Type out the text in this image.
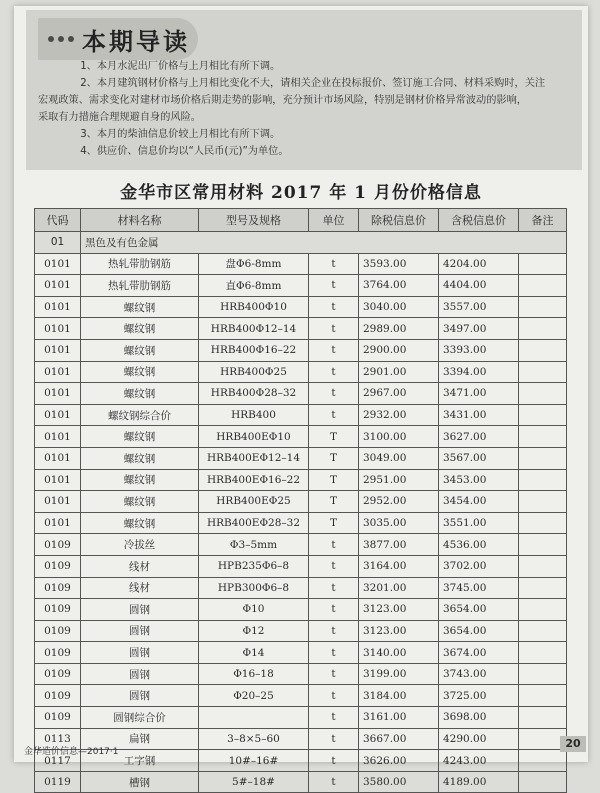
本期导读

1、本月水泥出厂价格与上月相比有所下调。

2、本月建筑钢材价格与上月相比变化不大，请相关企业在投标报价、签订施工合同、材料采购时，关注

宏观政策、需求变化对建材市场价格后期走势的影响，充分预计市场风险，特别是钢材价格异常波动的影响，

采取有力措施合理规避自身的风险。

3、本月的柴油信息价较上月相比有所下调。

4、供应价、信息价均以“人民币(元)”为单位。

金华市区常用材料 2017 年 1 月份价格信息
代码	材料名称	型号及规格	单位	除税信息价	含税信息价	备注
01	黑色及有色金属					
0101	热轧带肋钢筋	盘Φ6-8mm	t	3593.00	4204.00	
0101	热轧带肋钢筋	直Φ6-8mm	t	3764.00	4404.00	
0101	螺纹钢	HRB400Φ10	t	3040.00	3557.00	
0101	螺纹钢	HRB400Φ12–14	t	2989.00	3497.00	
0101	螺纹钢	HRB400Φ16–22	t	2900.00	3393.00	
0101	螺纹钢	HRB400Φ25	t	2901.00	3394.00	
0101	螺纹钢	HRB400Φ28–32	t	2967.00	3471.00	
0101	螺纹钢综合价	HRB400	t	2932.00	3431.00	
0101	螺纹钢	HRB400EΦ10	T	3100.00	3627.00	
0101	螺纹钢	HRB400EΦ12–14	T	3049.00	3567.00	
0101	螺纹钢	HRB400EΦ16–22	T	2951.00	3453.00	
0101	螺纹钢	HRB400EΦ25	T	2952.00	3454.00	
0101	螺纹钢	HRB400EΦ28–32	T	3035.00	3551.00	
0109	冷拔丝	Φ3–5mm	t	3877.00	4536.00	
0109	线材	HPB235Φ6–8	t	3164.00	3702.00	
0109	线材	HPB300Φ6–8	t	3201.00	3745.00	
0109	圆钢	Φ10	t	3123.00	3654.00	
0109	圆钢	Φ12	t	3123.00	3654.00	
0109	圆钢	Φ14	t	3140.00	3674.00	
0109	圆钢	Φ16–18	t	3199.00	3743.00	
0109	圆钢	Φ20–25	t	3184.00	3725.00	
0109	圆钢综合价		t	3161.00	3698.00	
0113	扁钢	3–8×5–60	t	3667.00	4290.00	
0117	工字钢	10#–16#	t	3626.00	4243.00	
0119	槽钢	5#–18#	t	3580.00	4189.00	
金华造价信息—2017·1
20
